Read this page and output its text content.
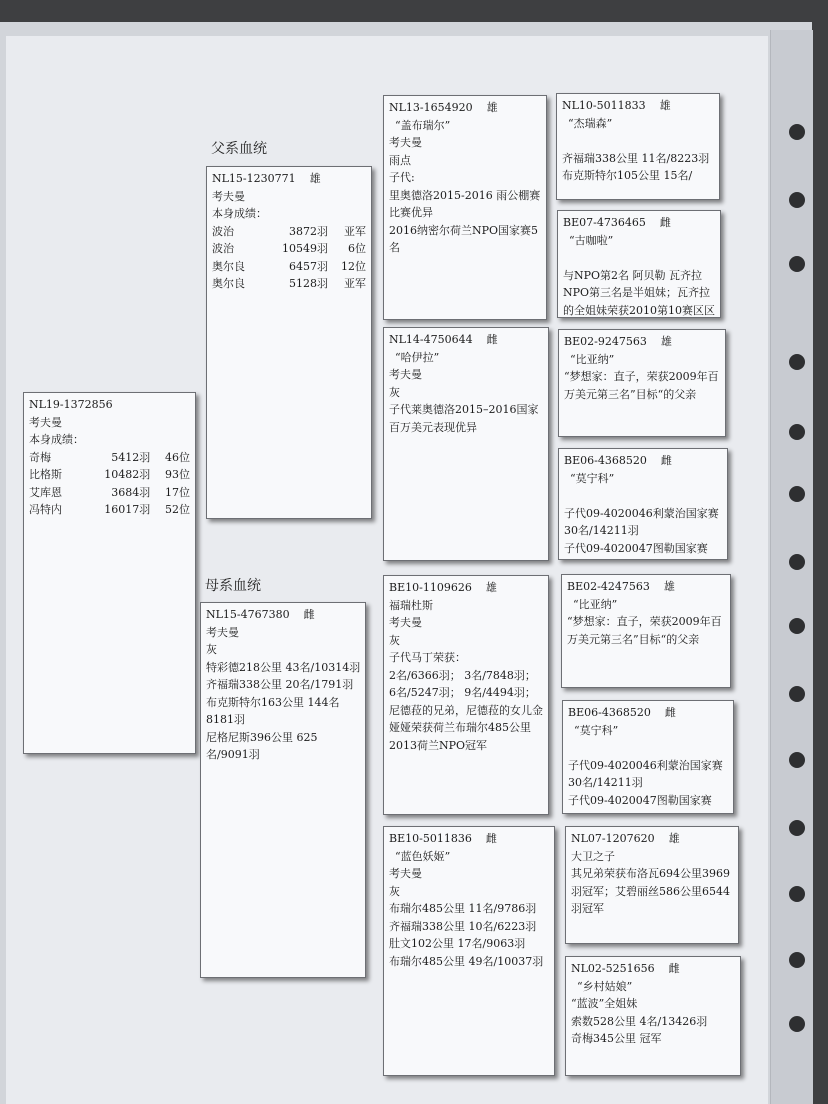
父系血统
母系血统
NL19-1372856
考夫曼
本身成绩：
奇梅	5412羽	46位
比格斯	10482羽	93位
艾库恩	3684羽	17位
冯特内	16017羽	52位
NL15-1230771 雄
考夫曼
本身成绩：
波治	3872羽	亚军
波治	10549羽	6位
奥尔良	6457羽	12位
奥尔良	5128羽	亚军
NL15-4767380 雌
考夫曼
灰
特彩德218公里 43名/10314羽
齐福瑞338公里 20名/1791羽
布克斯特尔163公里 144名8181羽
尼格尼斯396公里 625名/9091羽
NL13-1654920 雄
“盖布瑞尔”
考夫曼
雨点
子代:
里奥德洛2015-2016 雨公棚赛比赛优异
2016纳密尔荷兰NPO国家赛5名
NL14-4750644 雌
“哈伊拉”
考夫曼
灰
子代莱奥德洛2015–2016国家百万美元表现优异
BE10-1109626 雄
福瑞杜斯
考夫曼
灰
子代马丁荣获：
2名/6366羽； 3名/7848羽；
6名/5247羽； 9名/4494羽；
尼德菈的兄弟，尼德菈的女儿金娅娅荣获荷兰布瑞尔485公里2013荷兰NPO冠军
BE10-5011836 雌
“蓝色妖姬”
考夫曼
灰
布瑞尔485公里 11名/9786羽
齐福瑞338公里 10名/6223羽
肚文102公里 17名/9063羽
布瑞尔485公里 49名/10037羽
NL10-5011833 雄
“杰瑞森”
齐福瑞338公里 11名/8223羽
布克斯特尔105公里 15名/
BE07-4736465 雌
“古咖啦”
与NPO第2名 阿贝勒 瓦齐拉NPO第三名是半姐妹；瓦齐拉的全姐妹荣获2010第10赛区区
BE02-9247563 雄
“比亚纳”
“梦想家：直子，荣获2009年百万美元第三名”目标“的父亲
BE06-4368520 雌
“莫宁科”
子代09-4020046利蒙治国家赛30名/14211羽
子代09-4020047图勒国家赛
BE02-4247563 雄
“比亚纳”
“梦想家：直子，荣获2009年百万美元第三名”目标“的父亲
BE06-4368520 雌
“莫宁科”
子代09-4020046利蒙治国家赛30名/14211羽
子代09-4020047图勒国家赛
NL07-1207620 雄
大卫之子
其兄弟荣获布洛瓦694公里3969羽冠军；艾碧丽丝586公里6544羽冠军
NL02-5251656 雌
“乡村姑娘”
“蓝波”全姐妹
索数528公里 4名/13426羽
奇梅345公里 冠军
